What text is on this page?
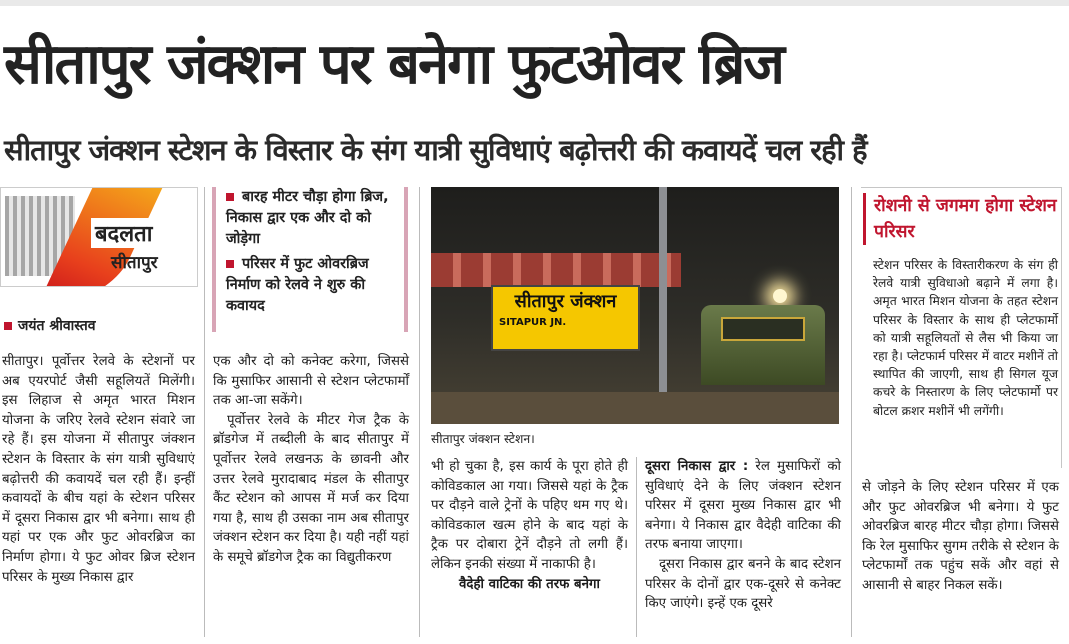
सीतापुर जंक्शन पर बनेगा फुटओवर ब्रिज
सीतापुर जंक्शन स्टेशन के विस्तार के संग यात्री सुविधाएं बढ़ोत्तरी की कवायदें चल रही हैं
बदलता
सीतापुर
जयंत श्रीवास्तव

सीतापुर। पूर्वोत्तर रेलवे के स्टेशनों पर अब एयरपोर्ट जैसी सहूलियतें मिलेंगी। इस लिहाज से अमृत भारत मिशन योजना के जरिए रेलवे स्टेशन संवारे जा रहे हैं। इस योजना में सीतापुर जंक्शन स्टेशन के विस्तार के संग यात्री सुविधाएं बढ़ोत्तरी की कवायदें चल रही हैं। इन्हीं कवायदों के बीच यहां के स्टेशन परिसर में दूसरा निकास द्वार भी बनेगा। साथ ही यहां पर एक और फुट ओवरब्रिज का निर्माण होगा। ये फुट ओवर ब्रिज स्टेशन परिसर के मुख्य निकास द्वार

बारह मीटर चौड़ा होगा ब्रिज, निकास द्वार एक और दो को जोड़ेगा
परिसर में फुट ओवरब्रिज निर्माण को रेलवे ने शुरु की कवायद

एक और दो को कनेक्ट करेगा, जिससे कि मुसाफिर आसानी से स्टेशन प्लेटफार्मों तक आ-जा सकेंगे।

पूर्वोत्तर रेलवे के मीटर गेज ट्रैक के ब्रॉडगेज में तब्दीली के बाद सीतापुर में पूर्वोत्तर रेलवे लखनऊ के छावनी और उत्तर रेलवे मुरादाबाद मंडल के सीतापुर कैंट स्टेशन को आपस में मर्ज कर दिया गया है, साथ ही उसका नाम अब सीतापुर जंक्शन स्टेशन कर दिया है। यही नहीं यहां के समूचे ब्रॉडगेज ट्रैक का विद्युतीकरण

सीतापुर जंक्शन
SITAPUR JN.
सीतापुर जंक्शन स्टेशन।

भी हो चुका है, इस कार्य के पूरा होते ही कोविडकाल आ गया। जिससे यहां के ट्रैक पर दौड़ने वाले ट्रेनों के पहिए थम गए थे। कोविडकाल खत्म होने के बाद यहां के ट्रैक पर दोबारा ट्रेनें दौड़ने तो लगी हैं। लेकिन इनकी संख्या में नाकाफी है।

वैदेही वाटिका की तरफ बनेगा

दूसरा निकास द्वार : रेल मुसाफिरों को सुविधाएं देने के लिए जंक्शन स्टेशन परिसर में दूसरा मुख्य निकास द्वार भी बनेगा। ये निकास द्वार वैदेही वाटिका की तरफ बनाया जाएगा।

दूसरा निकास द्वार बनने के बाद स्टेशन परिसर के दोनों द्वार एक-दूसरे से कनेक्ट किए जाएंगे। इन्हें एक दूसरे

रोशनी से जगमग होगा स्टेशन परिसर
स्टेशन परिसर के विस्तारीकरण के संग ही रेलवे यात्री सुविधाओ बढ़ाने में लगा है। अमृत भारत मिशन योजना के तहत स्टेशन परिसर के विस्तार के साथ ही प्लेटफार्मो को यात्री सहूलियतों से लैस भी किया जा रहा है। प्लेटफार्म परिसर में वाटर मशीनें तो स्थापित की जाएगी, साथ ही सिगल यूज कचरे के निस्तारण के लिए प्लेटफार्मो पर बोटल क्रशर मशीनें भी लगेंगी।

से जोड़ने के लिए स्टेशन परिसर में एक और फुट ओवरब्रिज भी बनेगा। ये फुट ओवरब्रिज बारह मीटर चौड़ा होगा। जिससे कि रेल मुसाफिर सुगम तरीके से स्टेशन के प्लेटफार्मों तक पहुंच सकें और वहां से आसानी से बाहर निकल सकें।
